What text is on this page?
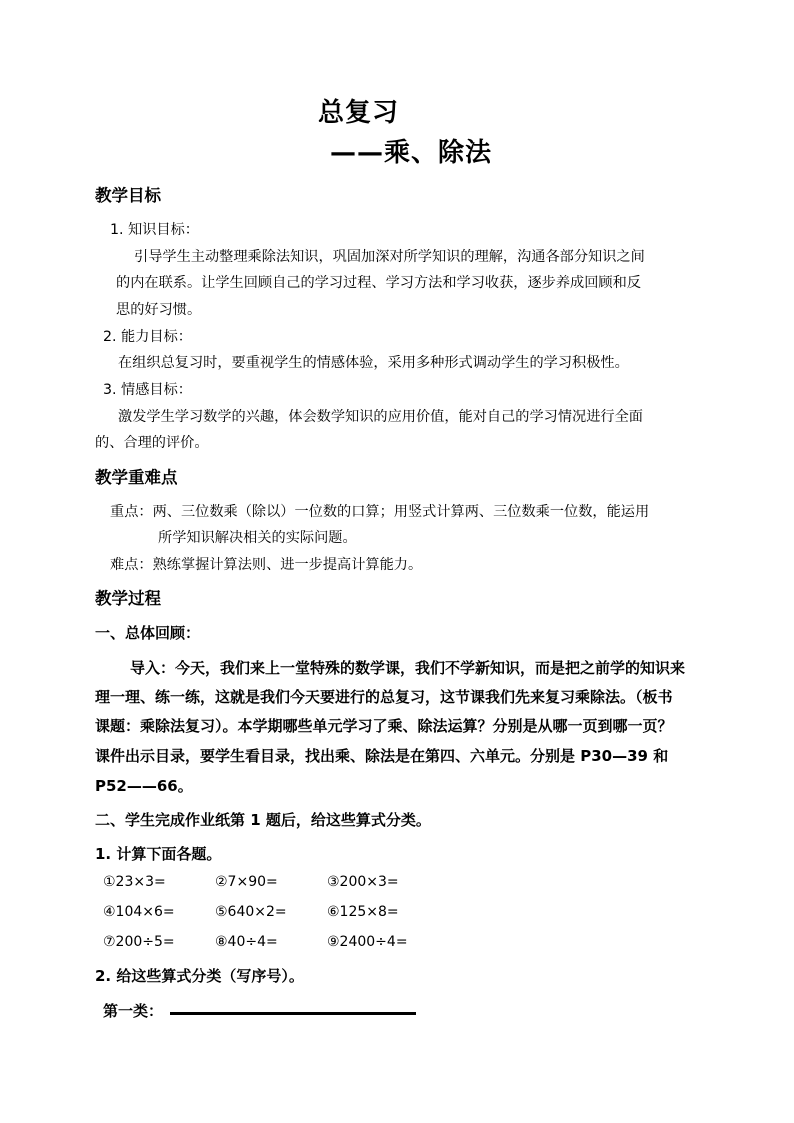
总复习
——乘、除法
教学目标
1. 知识目标：
引导学生主动整理乘除法知识，巩固加深对所学知识的理解，沟通各部分知识之间
的内在联系。让学生回顾自己的学习过程、学习方法和学习收获，逐步养成回顾和反
思的好习惯。
2. 能力目标：
在组织总复习时，要重视学生的情感体验，采用多种形式调动学生的学习积极性。
3. 情感目标：
激发学生学习数学的兴趣，体会数学知识的应用价值，能对自己的学习情况进行全面
的、合理的评价。
教学重难点
重点：两、三位数乘（除以）一位数的口算；用竖式计算两、三位数乘一位数，能运用
所学知识解决相关的实际问题。
难点：熟练掌握计算法则、进一步提高计算能力。
教学过程
一、总体回顾：
导入：今天，我们来上一堂特殊的数学课，我们不学新知识，而是把之前学的知识来
理一理、练一练，这就是我们今天要进行的总复习，这节课我们先来复习乘除法。（板书
课题：乘除法复习）。本学期哪些单元学习了乘、除法运算？分别是从哪一页到哪一页？
课件出示目录，要学生看目录，找出乘、除法是在第四、六单元。分别是 P30—39 和
P52——66。
二、学生完成作业纸第 1 题后，给这些算式分类。
1. 计算下面各题。
①23×3=	②7×90=	③200×3=
④104×6=	⑤640×2=	⑥125×8=
⑦200÷5=	⑧40÷4=	⑨2400÷4=
2. 给这些算式分类（写序号）。
第一类：
